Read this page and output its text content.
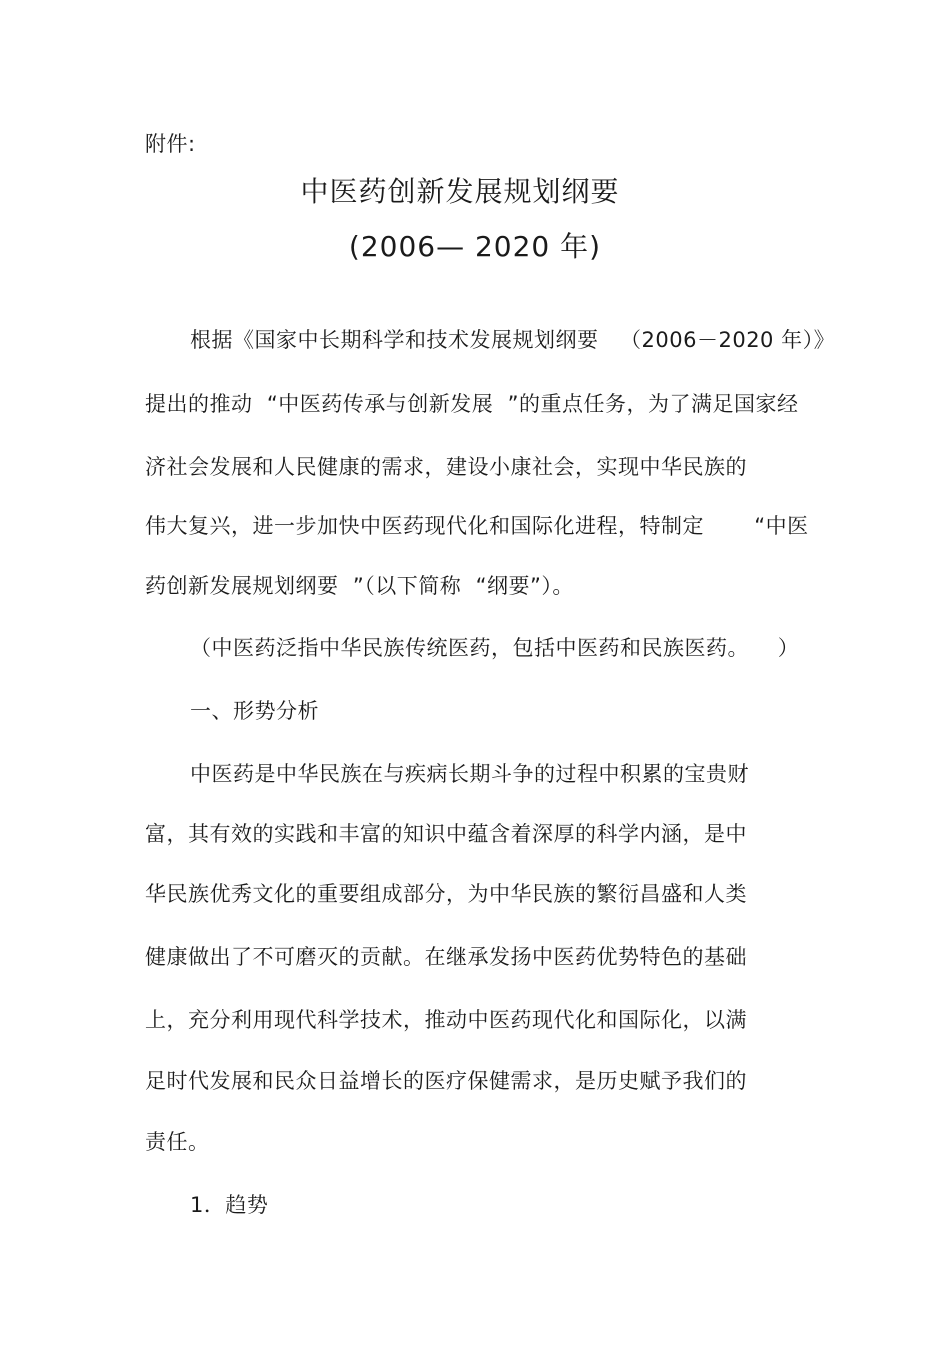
附件:
中医药创新发展规划纲要
(2006— 2020 年)
根据《国家中长期科学和技术发展规划纲要   （2006－2020 年）》
提出的推动  “中医药传承与创新发展  ”的重点任务，为了满足国家经
济社会发展和人民健康的需求，建设小康社会，实现中华民族的
伟大复兴，进一步加快中医药现代化和国际化进程，特制定       “中医
药创新发展规划纲要  ”（以下简称  “纲要”）。
（中医药泛指中华民族传统医药，包括中医药和民族医药。    ）
一、形势分析
中医药是中华民族在与疾病长期斗争的过程中积累的宝贵财
富，其有效的实践和丰富的知识中蕴含着深厚的科学内涵，是中
华民族优秀文化的重要组成部分，为中华民族的繁衍昌盛和人类
健康做出了不可磨灭的贡献。在继承发扬中医药优势特色的基础
上，充分利用现代科学技术，推动中医药现代化和国际化，以满
足时代发展和民众日益增长的医疗保健需求，是历史赋予我们的
责任。
1．趋势
